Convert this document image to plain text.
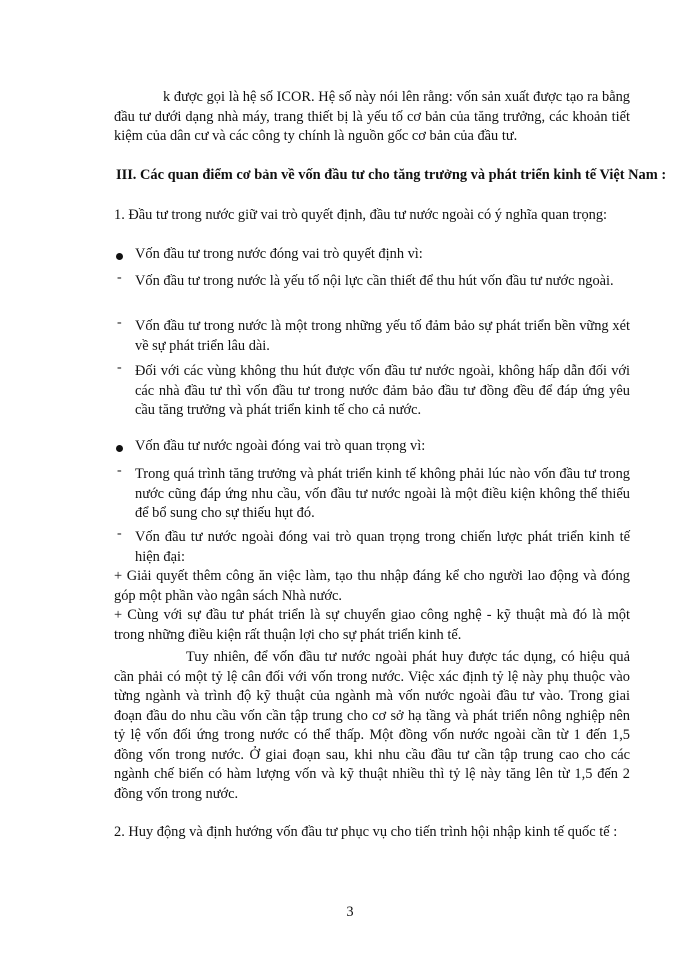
k được gọi là hệ số ICOR. Hệ số này nói lên rằng: vốn sản xuất được tạo ra bằng đầu tư dưới dạng nhà máy, trang thiết bị là yếu tố cơ bản của tăng trưởng, các khoản tiết kiệm của dân cư và các công ty chính là nguồn gốc cơ bản của đầu tư.

III. Các quan điểm cơ bản về vốn đầu tư cho tăng trưởng và phát triển kinh tế Việt Nam :

1. Đầu tư trong nước giữ vai trò quyết định, đầu tư nước ngoài có ý nghĩa quan trọng:

Vốn đầu tư trong nước đóng vai trò quyết định vì:

- Vốn đầu tư trong nước là yếu tố nội lực cần thiết để thu hút vốn đầu tư nước ngoài.

- Vốn đầu tư trong nước là một trong những yếu tố đảm bảo sự phát triển bền vững xét về sự phát triển lâu dài.

- Đối với các vùng không thu hút được vốn đầu tư nước ngoài, không hấp dẫn đối với các nhà đầu tư thì vốn đầu tư trong nước đảm bảo đầu tư đồng đều để đáp ứng yêu cầu tăng trưởng và phát triển kinh tế cho cả nước.

Vốn đầu tư nước ngoài đóng vai trò quan trọng vì:

- Trong quá trình tăng trưởng và phát triển kinh tế không phải lúc nào vốn đầu tư trong nước cũng đáp ứng nhu cầu, vốn đầu tư nước ngoài là một điều kiện không thể thiếu để bổ sung cho sự thiếu hụt đó.

- Vốn đầu tư nước ngoài đóng vai trò quan trọng trong chiến lược phát triển kinh tế hiện đại:

+ Giải quyết thêm công ăn việc làm, tạo thu nhập đáng kể cho người lao động và đóng góp một phần vào ngân sách Nhà nước.

+ Cùng với sự đầu tư phát triển là sự chuyển giao công nghệ - kỹ thuật mà đó là một trong những điều kiện rất thuận lợi cho sự phát triển kinh tế.

Tuy nhiên, để vốn đầu tư nước ngoài phát huy được tác dụng, có hiệu quả cần phải có một tỷ lệ cân đối với vốn trong nước. Việc xác định tỷ lệ này phụ thuộc vào từng ngành và trình độ kỹ thuật của ngành mà vốn nước ngoài đầu tư vào. Trong giai đoạn đầu do nhu cầu vốn cần tập trung cho cơ sở hạ tầng và phát triển nông nghiệp nên tỷ lệ vốn đối ứng trong nước có thể thấp. Một đồng vốn nước ngoài cần từ 1 đến 1,5 đồng vốn trong nước. Ở giai đoạn sau, khi nhu cầu đầu tư cần tập trung cao cho các ngành chế biến có hàm lượng vốn và kỹ thuật nhiều thì tỷ lệ này tăng lên từ 1,5 đến 2 đồng vốn trong nước.

2. Huy động và định hướng vốn đầu tư phục vụ cho tiến trình hội nhập kinh tế quốc tế :

3
